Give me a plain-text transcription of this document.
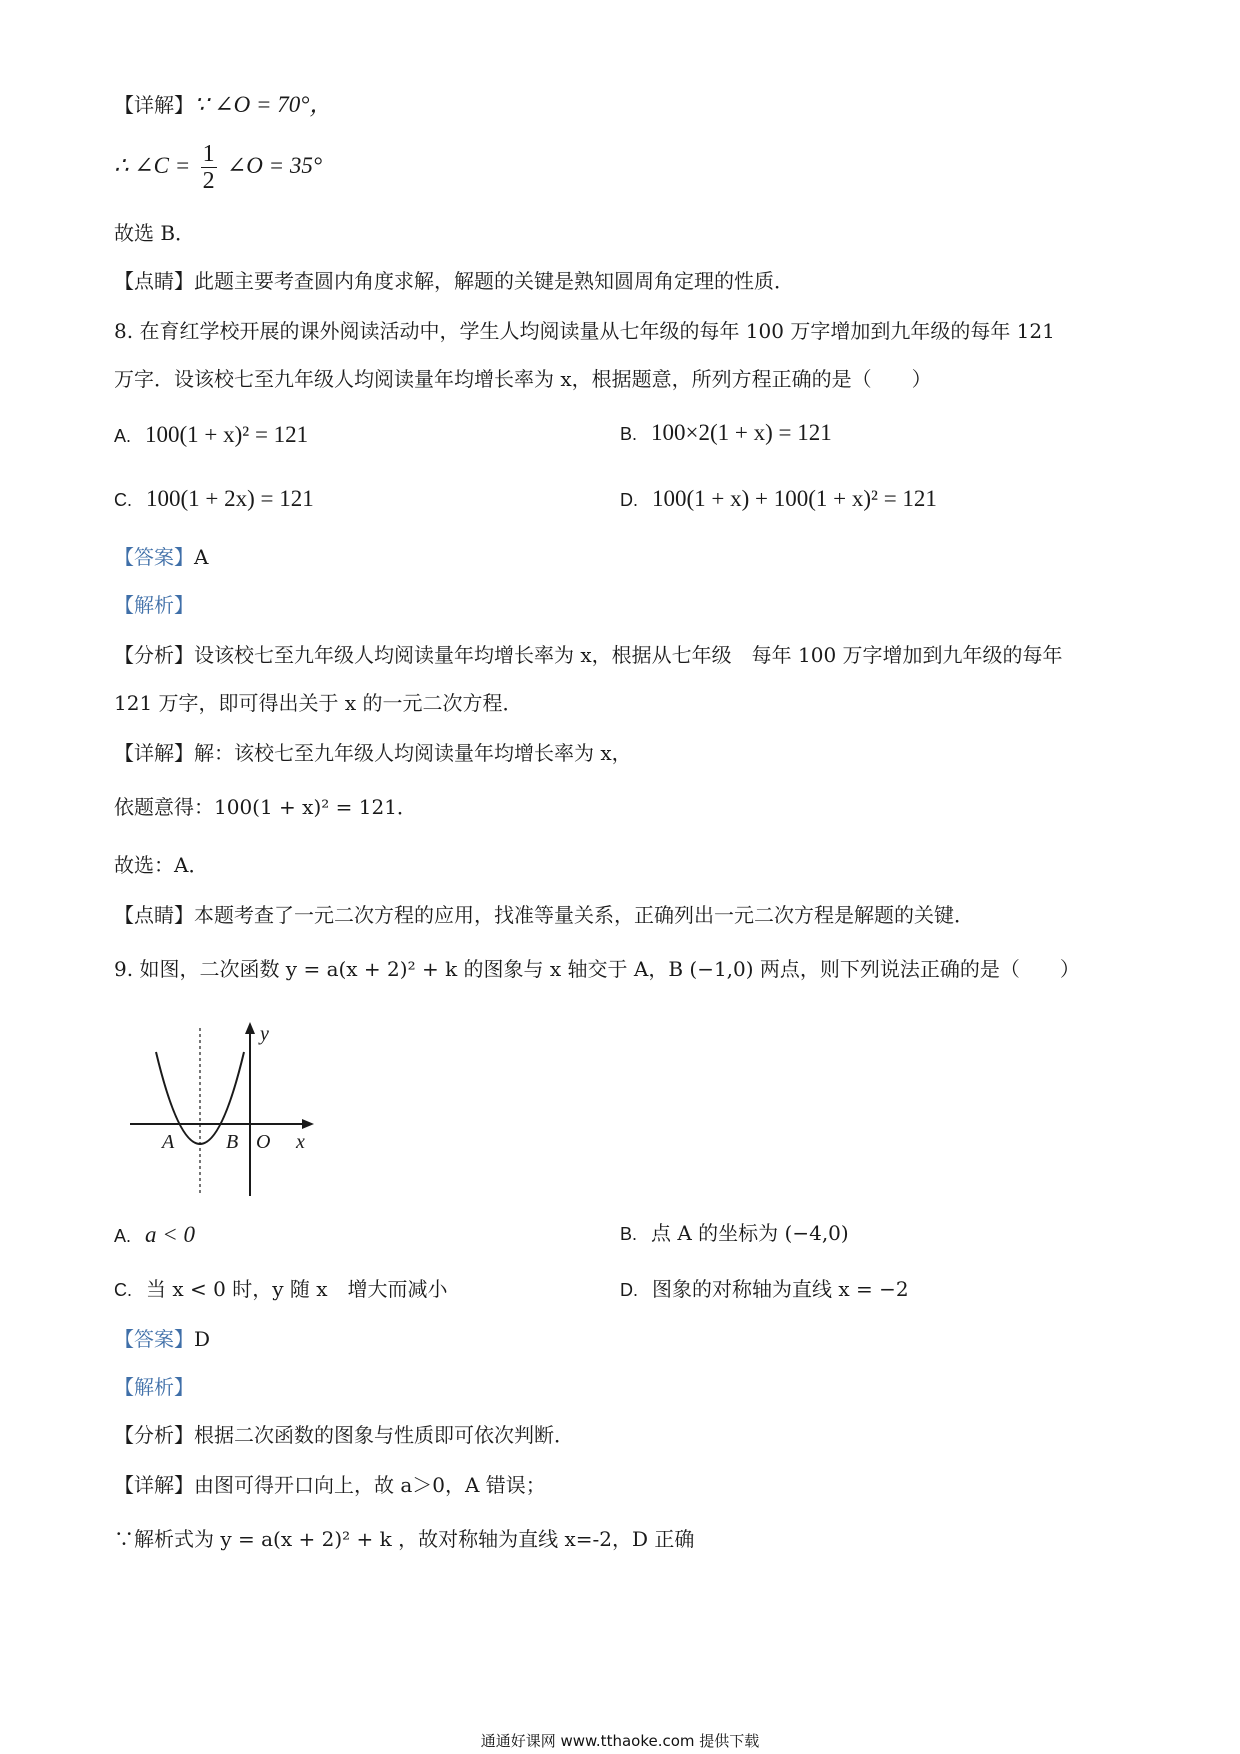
【详解】∵ ∠O = 70°，
∴ ∠C = $\frac{1}{2}$ ∠O = 35°
故选 B．
【点睛】此题主要考查圆内角度求解，解题的关键是熟知圆周角定理的性质．
8. 在育红学校开展的课外阅读活动中，学生人均阅读量从七年级的每年 100 万字增加到九年级的每年 121
万字．设该校七至九年级人均阅读量年均增长率为 x，根据题意，所列方程正确的是（　　）
A. 100(1 + x)² = 121	B. 100×2(1 + x) = 121
C. 100(1 + 2x) = 121	D. 100(1 + x) + 100(1 + x)² = 121
【答案】A
【解析】
【分析】设该校七至九年级人均阅读量年均增长率为 x，根据从七年级　每年 100 万字增加到九年级的每年
121 万字，即可得出关于 x 的一元二次方程．
【详解】解：该校七至九年级人均阅读量年均增长率为 x，
依题意得：100(1 + x)² = 121．
故选：A．
【点睛】本题考查了一元二次方程的应用，找准等量关系，正确列出一元二次方程是解题的关键．
9. 如图，二次函数 y = a(x + 2)² + k 的图象与 x 轴交于 A，B (−1,0) 两点，则下列说法正确的是（　　）
y
x
A	B O
A. a < 0	B. 点 A 的坐标为 (−4,0)
C. 当 x < 0 时，y 随 x　增大而减小	D. 图象的对称轴为直线 x = −2
【答案】D
【解析】
【分析】根据二次函数的图象与性质即可依次判断．
【详解】由图可得开口向上，故 a＞0，A 错误；
∵解析式为 y = a(x + 2)² + k ，故对称轴为直线 x=-2，D 正确
通通好课网 www.tthaoke.com 提供下载
